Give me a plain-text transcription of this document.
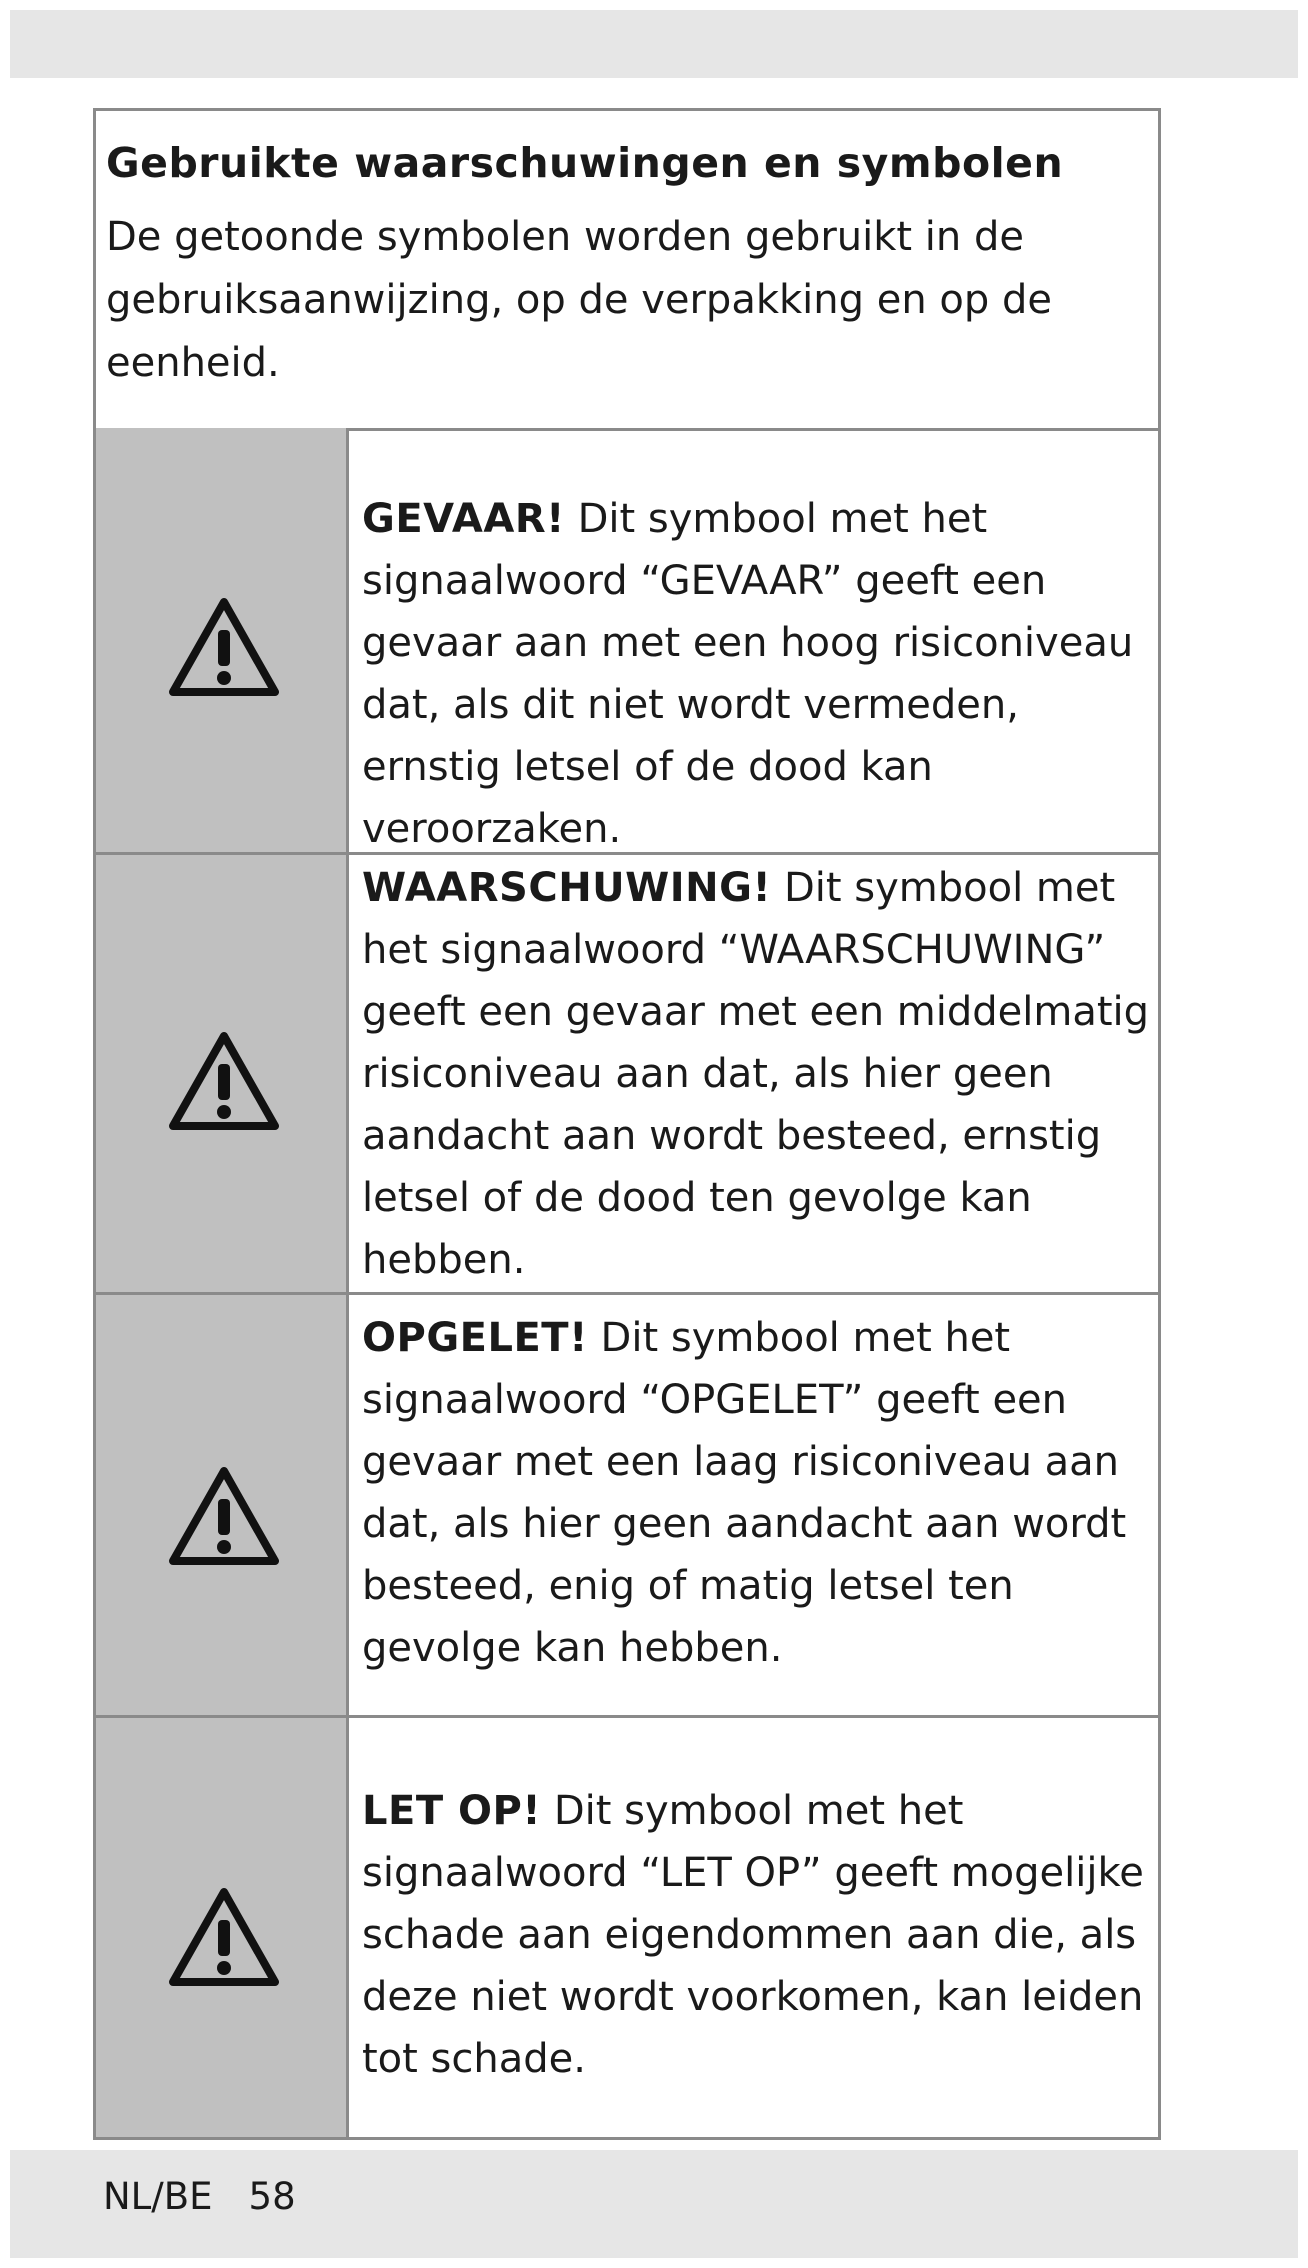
Gebruikte waarschuwingen en symbolen
De getoonde symbolen worden gebruikt in de gebruiksaanwijzing, op de verpakking en op de eenheid.
GEVAAR! Dit symbool met het signaalwoord “GEVAAR” geeft een gevaar aan met een hoog risiconiveau dat, als dit niet wordt vermeden, ernstig letsel of de dood kan veroorzaken.
WAARSCHUWING! Dit symbool met het signaalwoord “WAARSCHUWING” geeft een gevaar met een middelmatig risiconiveau aan dat, als hier geen aandacht aan wordt besteed, ernstig letsel of de dood ten gevolge kan hebben.
OPGELET! Dit symbool met het signaalwoord “OPGELET” geeft een gevaar met een laag risiconiveau aan dat, als hier geen aandacht aan wordt besteed, enig of matig letsel ten gevolge kan hebben.
LET OP! Dit symbool met het signaalwoord “LET OP” geeft mogelijke schade aan eigendommen aan die, als deze niet wordt voorkomen, kan leiden tot schade.
NL/BE 58
